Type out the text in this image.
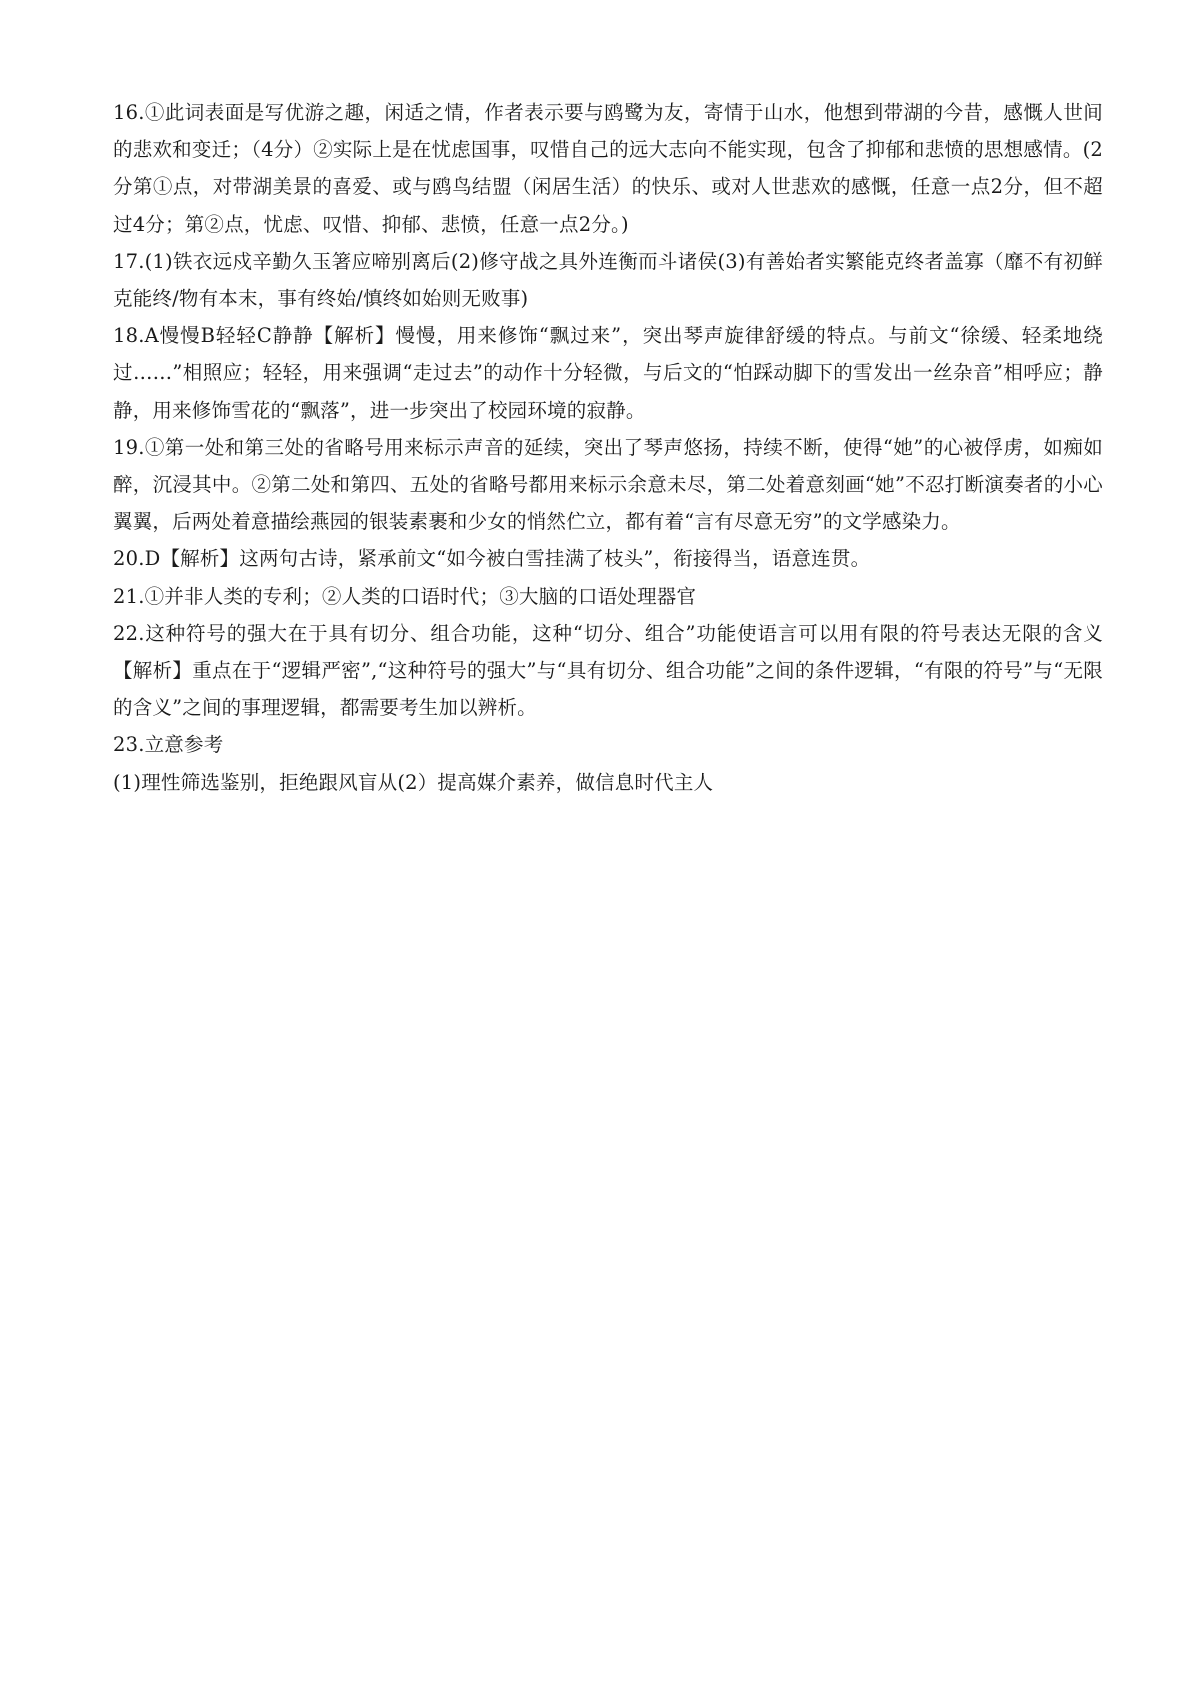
16.①此词表面是写优游之趣，闲适之情，作者表示要与鸥鹭为友，寄情于山水，他想到带湖的今昔，感慨人世间的悲欢和变迁；（4分）②实际上是在忧虑国事，叹惜自己的远大志向不能实现，包含了抑郁和悲愤的思想感情。(2分第①点，对带湖美景的喜爱、或与鸥鸟结盟（闲居生活）的快乐、或对人世悲欢的感慨，任意一点2分，但不超过4分；第②点，忧虑、叹惜、抑郁、悲愤，任意一点2分。)

17.(1)铁衣远戍辛勤久玉箸应啼别离后(2)修守战之具外连衡而斗诸侯(3)有善始者实繁能克终者盖寡（靡不有初鲜克能终/物有本末，事有终始/慎终如始则无败事)

18.A慢慢B轻轻C静静【解析】慢慢，用来修饰“飘过来”，突出琴声旋律舒缓的特点。与前文“徐缓、轻柔地绕过……”相照应；轻轻，用来强调“走过去”的动作十分轻微，与后文的“怕踩动脚下的雪发出一丝杂音”相呼应；静静，用来修饰雪花的“飘落”，进一步突出了校园环境的寂静。

19.①第一处和第三处的省略号用来标示声音的延续，突出了琴声悠扬，持续不断，使得“她”的心被俘虏，如痴如醉，沉浸其中。②第二处和第四、五处的省略号都用来标示余意未尽，第二处着意刻画“她”不忍打断演奏者的小心翼翼，后两处着意描绘燕园的银装素裹和少女的悄然伫立，都有着“言有尽意无穷”的文学感染力。

20.D【解析】这两句古诗，紧承前文“如今被白雪挂满了枝头”，衔接得当，语意连贯。

21.①并非人类的专利；②人类的口语时代；③大脑的口语处理器官

22.这种符号的强大在于具有切分、组合功能，这种“切分、组合”功能使语言可以用有限的符号表达无限的含义【解析】重点在于“逻辑严密”,“这种符号的强大”与“具有切分、组合功能”之间的条件逻辑，“有限的符号”与“无限的含义”之间的事理逻辑，都需要考生加以辨析。

23.立意参考

(1)理性筛选鉴别，拒绝跟风盲从(2）提高媒介素养，做信息时代主人
